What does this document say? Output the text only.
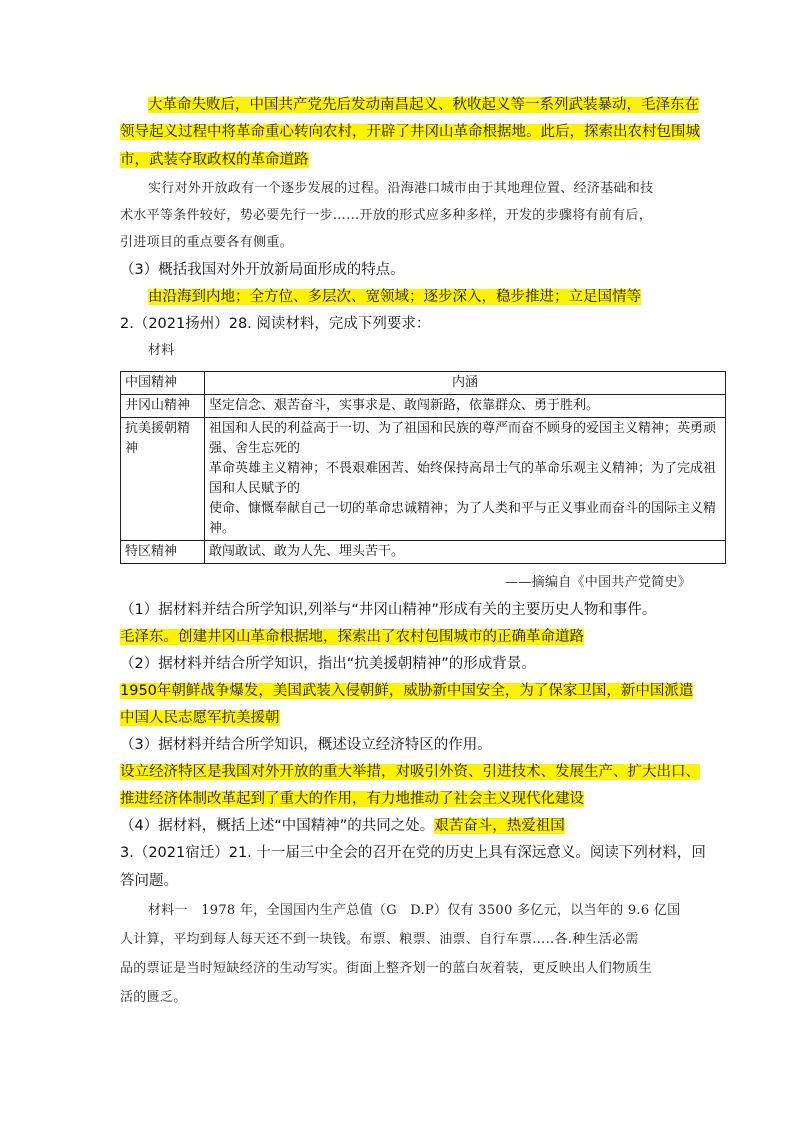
大革命失败后，中国共产党先后发动南昌起义、秋收起义等一系列武装暴动，毛泽东在
领导起义过程中将革命重心转向农村，开辟了井冈山革命根据地。此后，探索出农村包围城
市，武装夺取政权的革命道路
实行对外开放政有一个逐步发展的过程。沿海港口城市由于其地理位置、经济基础和技
术水平等条件较好，势必要先行一步……开放的形式应多种多样，开发的步骤将有前有后，
引进项目的重点要各有侧重。
（3）概括我国对外开放新局面形成的特点。
由沿海到内地；全方位、多层次、宽领域；逐步深入，稳步推进；立足国情等
2.（2021扬州）28. 阅读材料，完成下列要求：
材料
中国精神	内涵
井冈山精神	坚定信念、艰苦奋斗，实事求是、敢闯新路，依靠群众、勇于胜利。
抗美援朝精神	祖国和人民的利益高于一切、为了祖国和民族的尊严而奋不顾身的爱国主义精神；英勇顽强、舍生忘死的
革命英雄主义精神；不畏艰难困苦、始终保持高昂士气的革命乐观主义精神；为了完成祖国和人民赋予的
使命、慷慨奉献自己一切的革命忠诚精神；为了人类和平与正义事业而奋斗的国际主义精神。

特区精神	敢闯敢试、敢为人先、埋头苦干。
——摘编自《中国共产党简史》
（1）据材料并结合所学知识,列举与“井冈山精神”形成有关的主要历史人物和事件。
毛泽东。创建井冈山革命根据地，探索出了农村包围城市的正确革命道路
（2）据材料并结合所学知识，指出“抗美援朝精神”的形成背景。
1950年朝鲜战争爆发，美国武装入侵朝鲜，威胁新中国安全，为了保家卫国，新中国派遣
中国人民志愿军抗美援朝
（3）据材料并结合所学知识，概述设立经济特区的作用。
设立经济特区是我国对外开放的重大举措，对吸引外资、引进技术、发展生产、扩大出口、
推进经济体制改革起到了重大的作用，有力地推动了社会主义现代化建设
（4）据材料，概括上述“中国精神”的共同之处。艰苦奋斗，热爱祖国
3.（2021宿迁）21. 十一届三中全会的召开在党的历史上具有深远意义。阅读下列材料，回
答问题。
材料一　1978 年，全国国内生产总值（G　D.P）仅有 3500 多亿元，以当年的 9.6 亿国
人计算，平均到每人每天还不到一块钱。布票、粮票、油票、自行车票.....各.种生活必需
品的票证是当时短缺经济的生动写实。街面上整齐划一的蓝白灰着装，更反映出人们物质生
活的匮乏。
